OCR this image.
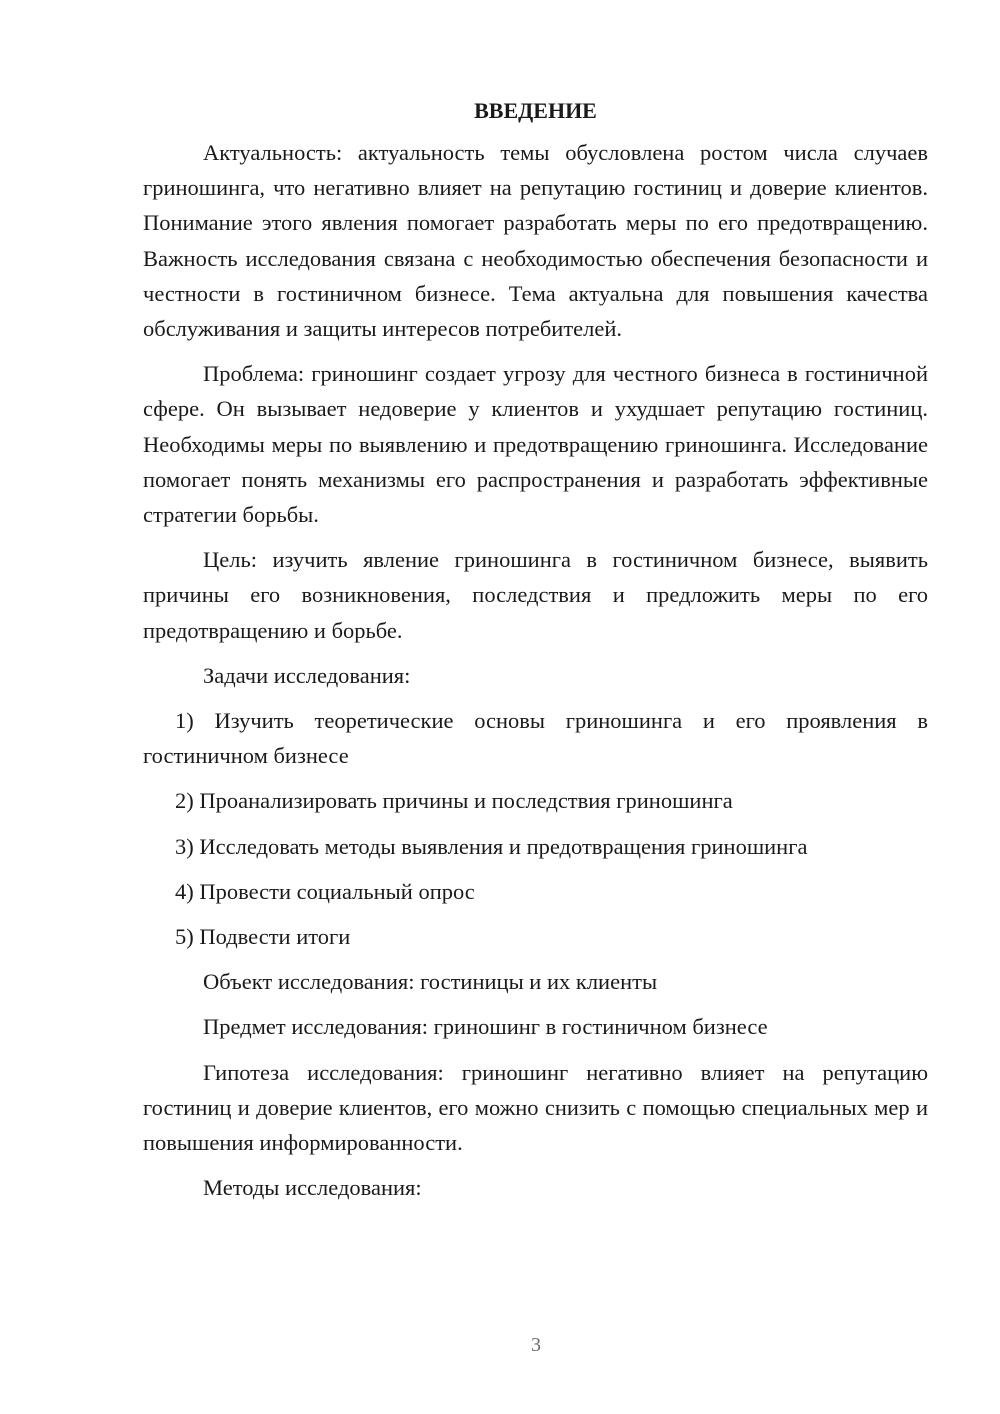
ВВЕДЕНИЕ

Актуальность: актуальность темы обусловлена ростом числа случаев гриношинга, что негативно влияет на репутацию гостиниц и доверие клиентов. Понимание этого явления помогает разработать меры по его предотвращению. Важность исследования связана с необходимостью обеспечения безопасности и честности в гостиничном бизнесе. Тема актуальна для повышения качества обслуживания и защиты интересов потребителей.

Проблема: гриношинг создает угрозу для честного бизнеса в гостиничной сфере. Он вызывает недоверие у клиентов и ухудшает репутацию гостиниц. Необходимы меры по выявлению и предотвращению гриношинга. Исследование помогает понять механизмы его распространения и разработать эффективные стратегии борьбы.

Цель: изучить явление гриношинга в гостиничном бизнесе, выявить причины его возникновения, последствия и предложить меры по его предотвращению и борьбе.

Задачи исследования:

1) Изучить теоретические основы гриношинга и его проявления в гостиничном бизнесе

2) Проанализировать причины и последствия гриношинга

3) Исследовать методы выявления и предотвращения гриношинга

4) Провести социальный опрос

5) Подвести итоги

Объект исследования: гостиницы и их клиенты

Предмет исследования: гриношинг в гостиничном бизнесе

Гипотеза исследования: гриношинг негативно влияет на репутацию гостиниц и доверие клиентов, его можно снизить с помощью специальных мер и повышения информированности.

Методы исследования:

3
